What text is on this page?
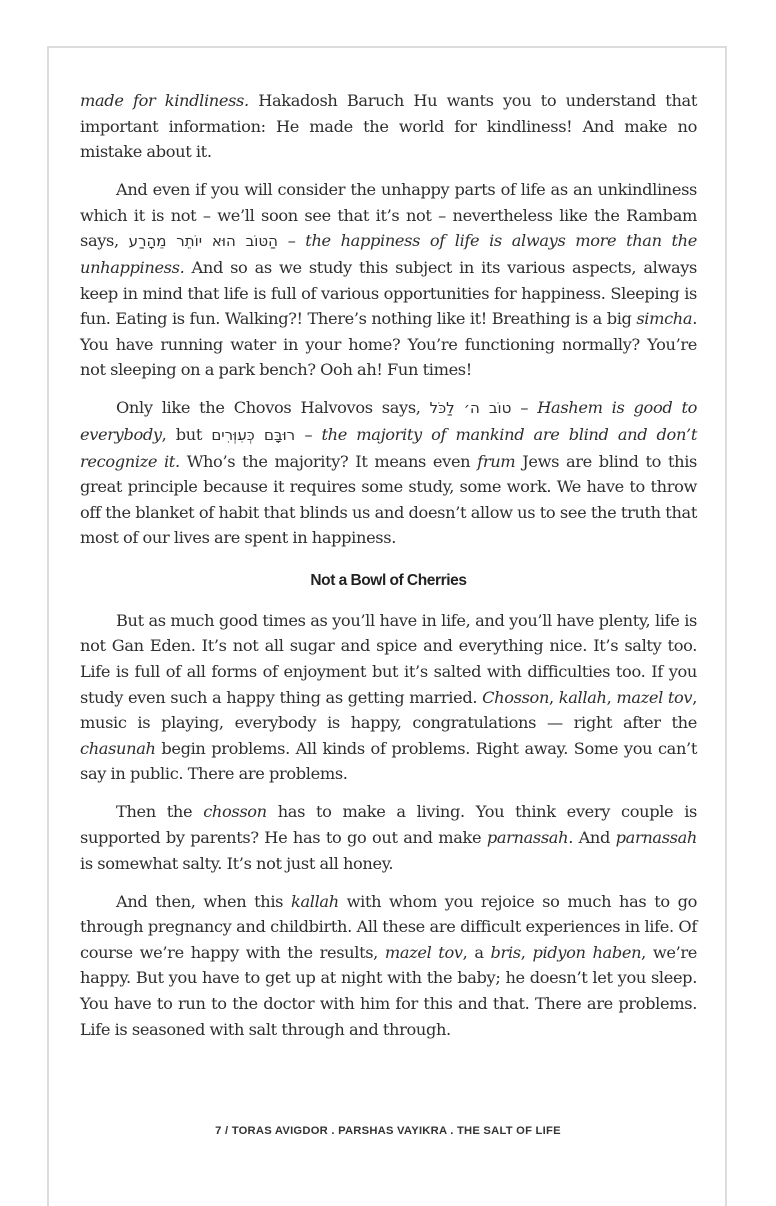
made for kindliness. Hakadosh Baruch Hu wants you to understand that important information: He made the world for kindliness! And make no mistake about it.

And even if you will consider the unhappy parts of life as an unkindliness which it is not – we’ll soon see that it’s not – nevertheless like the Rambam says, הַטּוֹב הוּא יוֹתֵר מֵהָרַע – the happiness of life is always more than the unhappiness. And so as we study this subject in its various aspects, always keep in mind that life is full of various opportunities for happiness. Sleeping is fun. Eating is fun. Walking?! There’s nothing like it! Breathing is a big simcha. You have running water in your home? You’re functioning normally? You’re not sleeping on a park bench? Ooh ah! Fun times!

Only like the Chovos Halvovos says, טוֹב ה׳ לַכֹּל – Hashem is good to everybody, but רוּבָּם כְּעִוְּרִים – the majority of mankind are blind and don’t recognize it. Who’s the majority? It means even frum Jews are blind to this great principle because it requires some study, some work. We have to throw off the blanket of habit that blinds us and doesn’t allow us to see the truth that most of our lives are spent in happiness.

Not a Bowl of Cherries

But as much good times as you’ll have in life, and you’ll have plenty, life is not Gan Eden. It’s not all sugar and spice and everything nice. It’s salty too. Life is full of all forms of enjoyment but it’s salted with difficulties too. If you study even such a happy thing as getting married. Chosson, kallah, mazel tov, music is playing, everybody is happy, congratulations — right after the chasunah begin problems. All kinds of problems. Right away. Some you can’t say in public. There are problems.

Then the chosson has to make a living. You think every couple is supported by parents? He has to go out and make parnassah. And parnassah is somewhat salty. It’s not just all honey.

And then, when this kallah with whom you rejoice so much has to go through pregnancy and childbirth. All these are difficult experiences in life. Of course we’re happy with the results, mazel tov, a bris, pidyon haben, we’re happy. But you have to get up at night with the baby; he doesn’t let you sleep. You have to run to the doctor with him for this and that. There are problems. Life is seasoned with salt through and through.

7 / TORAS AVIGDOR . PARSHAS VAYIKRA . THE SALT OF LIFE
